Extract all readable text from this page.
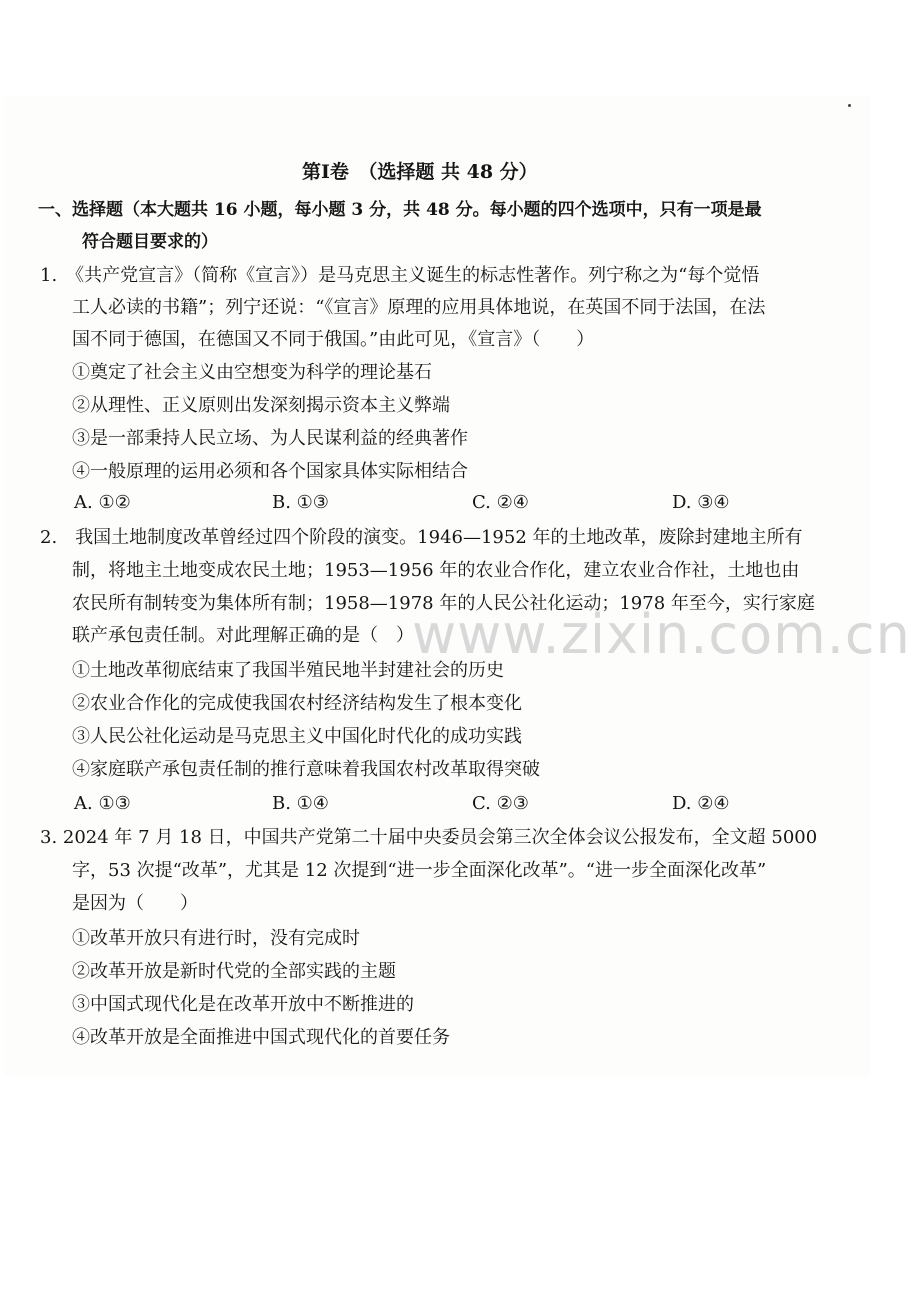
www.zixin.com.cn
第Ⅰ卷　（选择题 共 48 分）
一、选择题（本大题共 16 小题，每小题 3 分，共 48 分。每小题的四个选项中，只有一项是最
符合题目要求的）
1.　《共产党宣言》（简称《宣言》）是马克思主义诞生的标志性著作。列宁称之为“每个觉悟
工人必读的书籍”；列宁还说：“《宣言》原理的应用具体地说，在英国不同于法国，在法
国不同于德国，在德国又不同于俄国。”由此可见，《宣言》（　　）
①奠定了社会主义由空想变为科学的理论基石
②从理性、正义原则出发深刻揭示资本主义弊端
③是一部秉持人民立场、为人民谋利益的经典著作
④一般原理的运用必须和各个国家具体实际相结合
A. ①②	B. ①③	C. ②④	D. ③④
2.　我国土地制度改革曾经过四个阶段的演变。1946—1952 年的土地改革，废除封建地主所有
制，将地主土地变成农民土地；1953—1956 年的农业合作化，建立农业合作社，土地也由
农民所有制转变为集体所有制；1958—1978 年的人民公社化运动；1978 年至今，实行家庭
联产承包责任制。对此理解正确的是（　）
①土地改革彻底结束了我国半殖民地半封建社会的历史
②农业合作化的完成使我国农村经济结构发生了根本变化
③人民公社化运动是马克思主义中国化时代化的成功实践
④家庭联产承包责任制的推行意味着我国农村改革取得突破
A. ①③	B. ①④	C. ②③	D. ②④
3. 2024 年 7 月 18 日，中国共产党第二十届中央委员会第三次全体会议公报发布，全文超 5000
字，53 次提“改革”，尤其是 12 次提到“进一步全面深化改革”。“进一步全面深化改革”
是因为（　　）
①改革开放只有进行时，没有完成时
②改革开放是新时代党的全部实践的主题
③中国式现代化是在改革开放中不断推进的
④改革开放是全面推进中国式现代化的首要任务
